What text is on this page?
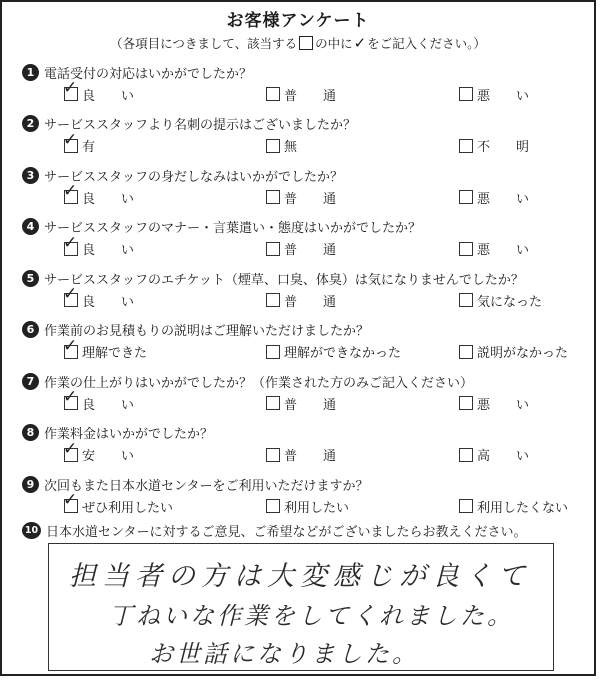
お客様アンケート
（各項目につきまして、該当する の中に✓をご記入ください。）
1 電話受付の対応はいかがでしたか？
✓ 良　　い	普　　通	悪　　い
2 サービススタッフより名刺の提示はございましたか？
✓ 有	無	不　　明
3 サービススタッフの身だしなみはいかがでしたか？
✓ 良　　い	普　　通	悪　　い
4 サービススタッフのマナー・言葉遣い・態度はいかがでしたか？
✓ 良　　い	普　　通	悪　　い
5 サービススタッフのエチケット（煙草、口臭、体臭）は気になりませんでしたか？
✓ 良　　い	普　　通	気になった
6 作業前のお見積もりの説明はご理解いただけましたか？
✓ 理解できた	理解ができなかった	説明がなかった
7 作業の仕上がりはいかがでしたか？（作業された方のみご記入ください）
✓ 良　　い	普　　通	悪　　い
8 作業料金はいかがでしたか？
✓ 安　　い	普　　通	高　　い
9 次回もまた日本水道センターをご利用いただけますか？
✓ ぜひ利用したい	利用したい	利用したくない
10 日本水道センターに対するご意見、ご希望などがございましたらお教えください。
担当者の方は大変感じが良くて
丁ねいな作業をしてくれました。
お世話になりました。
